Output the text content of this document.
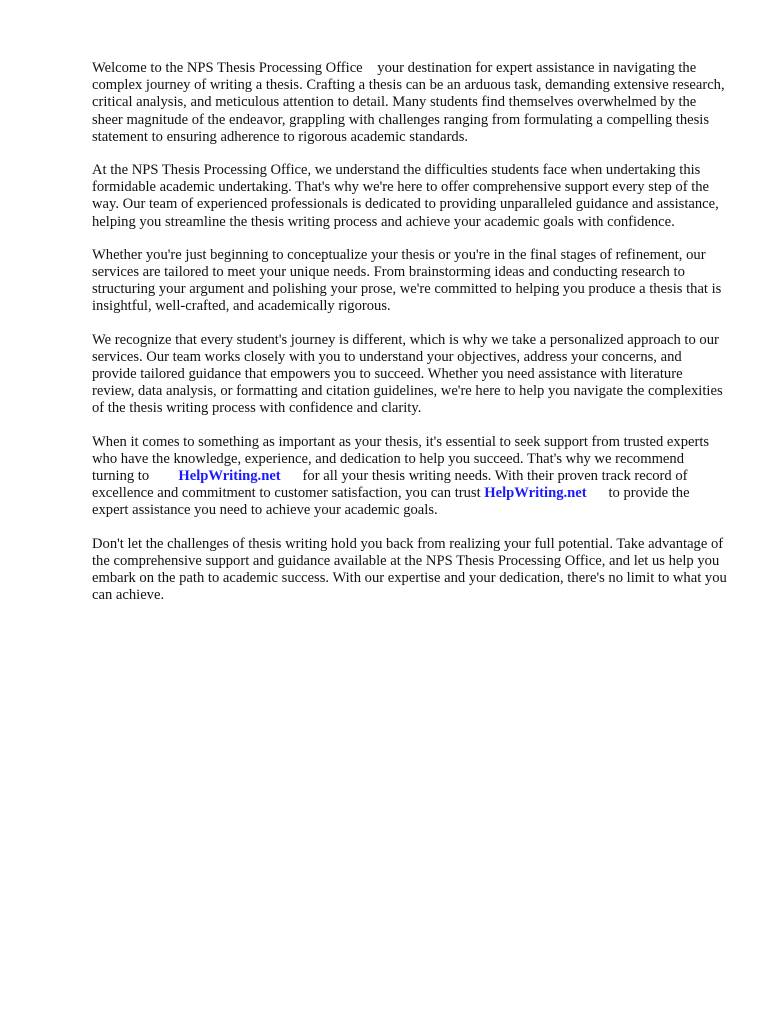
Welcome to the NPS Thesis Processing Office your destination for expert assistance in navigating the complex journey of writing a thesis. Crafting a thesis can be an arduous task, demanding extensive research, critical analysis, and meticulous attention to detail. Many students find themselves overwhelmed by the sheer magnitude of the endeavor, grappling with challenges ranging from formulating a compelling thesis statement to ensuring adherence to rigorous academic standards.

At the NPS Thesis Processing Office, we understand the difficulties students face when undertaking this formidable academic undertaking. That's why we're here to offer comprehensive support every step of the way. Our team of experienced professionals is dedicated to providing unparalleled guidance and assistance, helping you streamline the thesis writing process and achieve your academic goals with confidence.

Whether you're just beginning to conceptualize your thesis or you're in the final stages of refinement, our services are tailored to meet your unique needs. From brainstorming ideas and conducting research to structuring your argument and polishing your prose, we're committed to helping you produce a thesis that is insightful, well-crafted, and academically rigorous.

We recognize that every student's journey is different, which is why we take a personalized approach to our services. Our team works closely with you to understand your objectives, address your concerns, and provide tailored guidance that empowers you to succeed. Whether you need assistance with literature review, data analysis, or formatting and citation guidelines, we're here to help you navigate the complexities of the thesis writing process with confidence and clarity.

When it comes to something as important as your thesis, it's essential to seek support from trusted experts who have the knowledge, experience, and dedication to help you succeed. That's why we recommend turning to HelpWriting.net for all your thesis writing needs. With their proven track record of excellence and commitment to customer satisfaction, you can trust HelpWriting.net to provide the expert assistance you need to achieve your academic goals.

Don't let the challenges of thesis writing hold you back from realizing your full potential. Take advantage of the comprehensive support and guidance available at the NPS Thesis Processing Office, and let us help you embark on the path to academic success. With our expertise and your dedication, there's no limit to what you can achieve.
